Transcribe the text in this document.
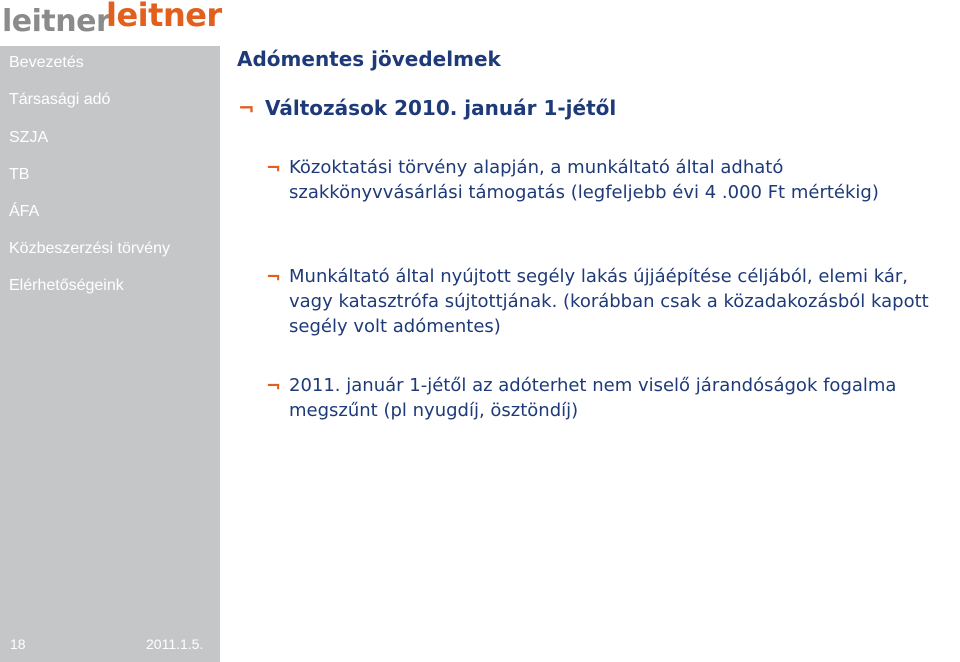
leitner
leitner
Bevezetés
Társasági adó
SZJA
TB
ÁFA
Közbeszerzési törvény
Elérhetőségeink
18	2011.1.5.
Adómentes jövedelmek
¬ Változások 2010. január 1-jétől
¬ Közoktatási törvény alapján, a munkáltató által adható szakkönyvvásárlási támogatás (legfeljebb évi 4 .000 Ft mértékig)

¬ Munkáltató által nyújtott segély lakás újjáépítése céljából, elemi kár, vagy katasztrófa sújtottjának. (korábban csak a közadakozásból kapott segély volt adómentes)

¬ 2011. január 1-jétől az adóterhet nem viselő járandóságok fogalma megszűnt (pl nyugdíj, ösztöndíj)
